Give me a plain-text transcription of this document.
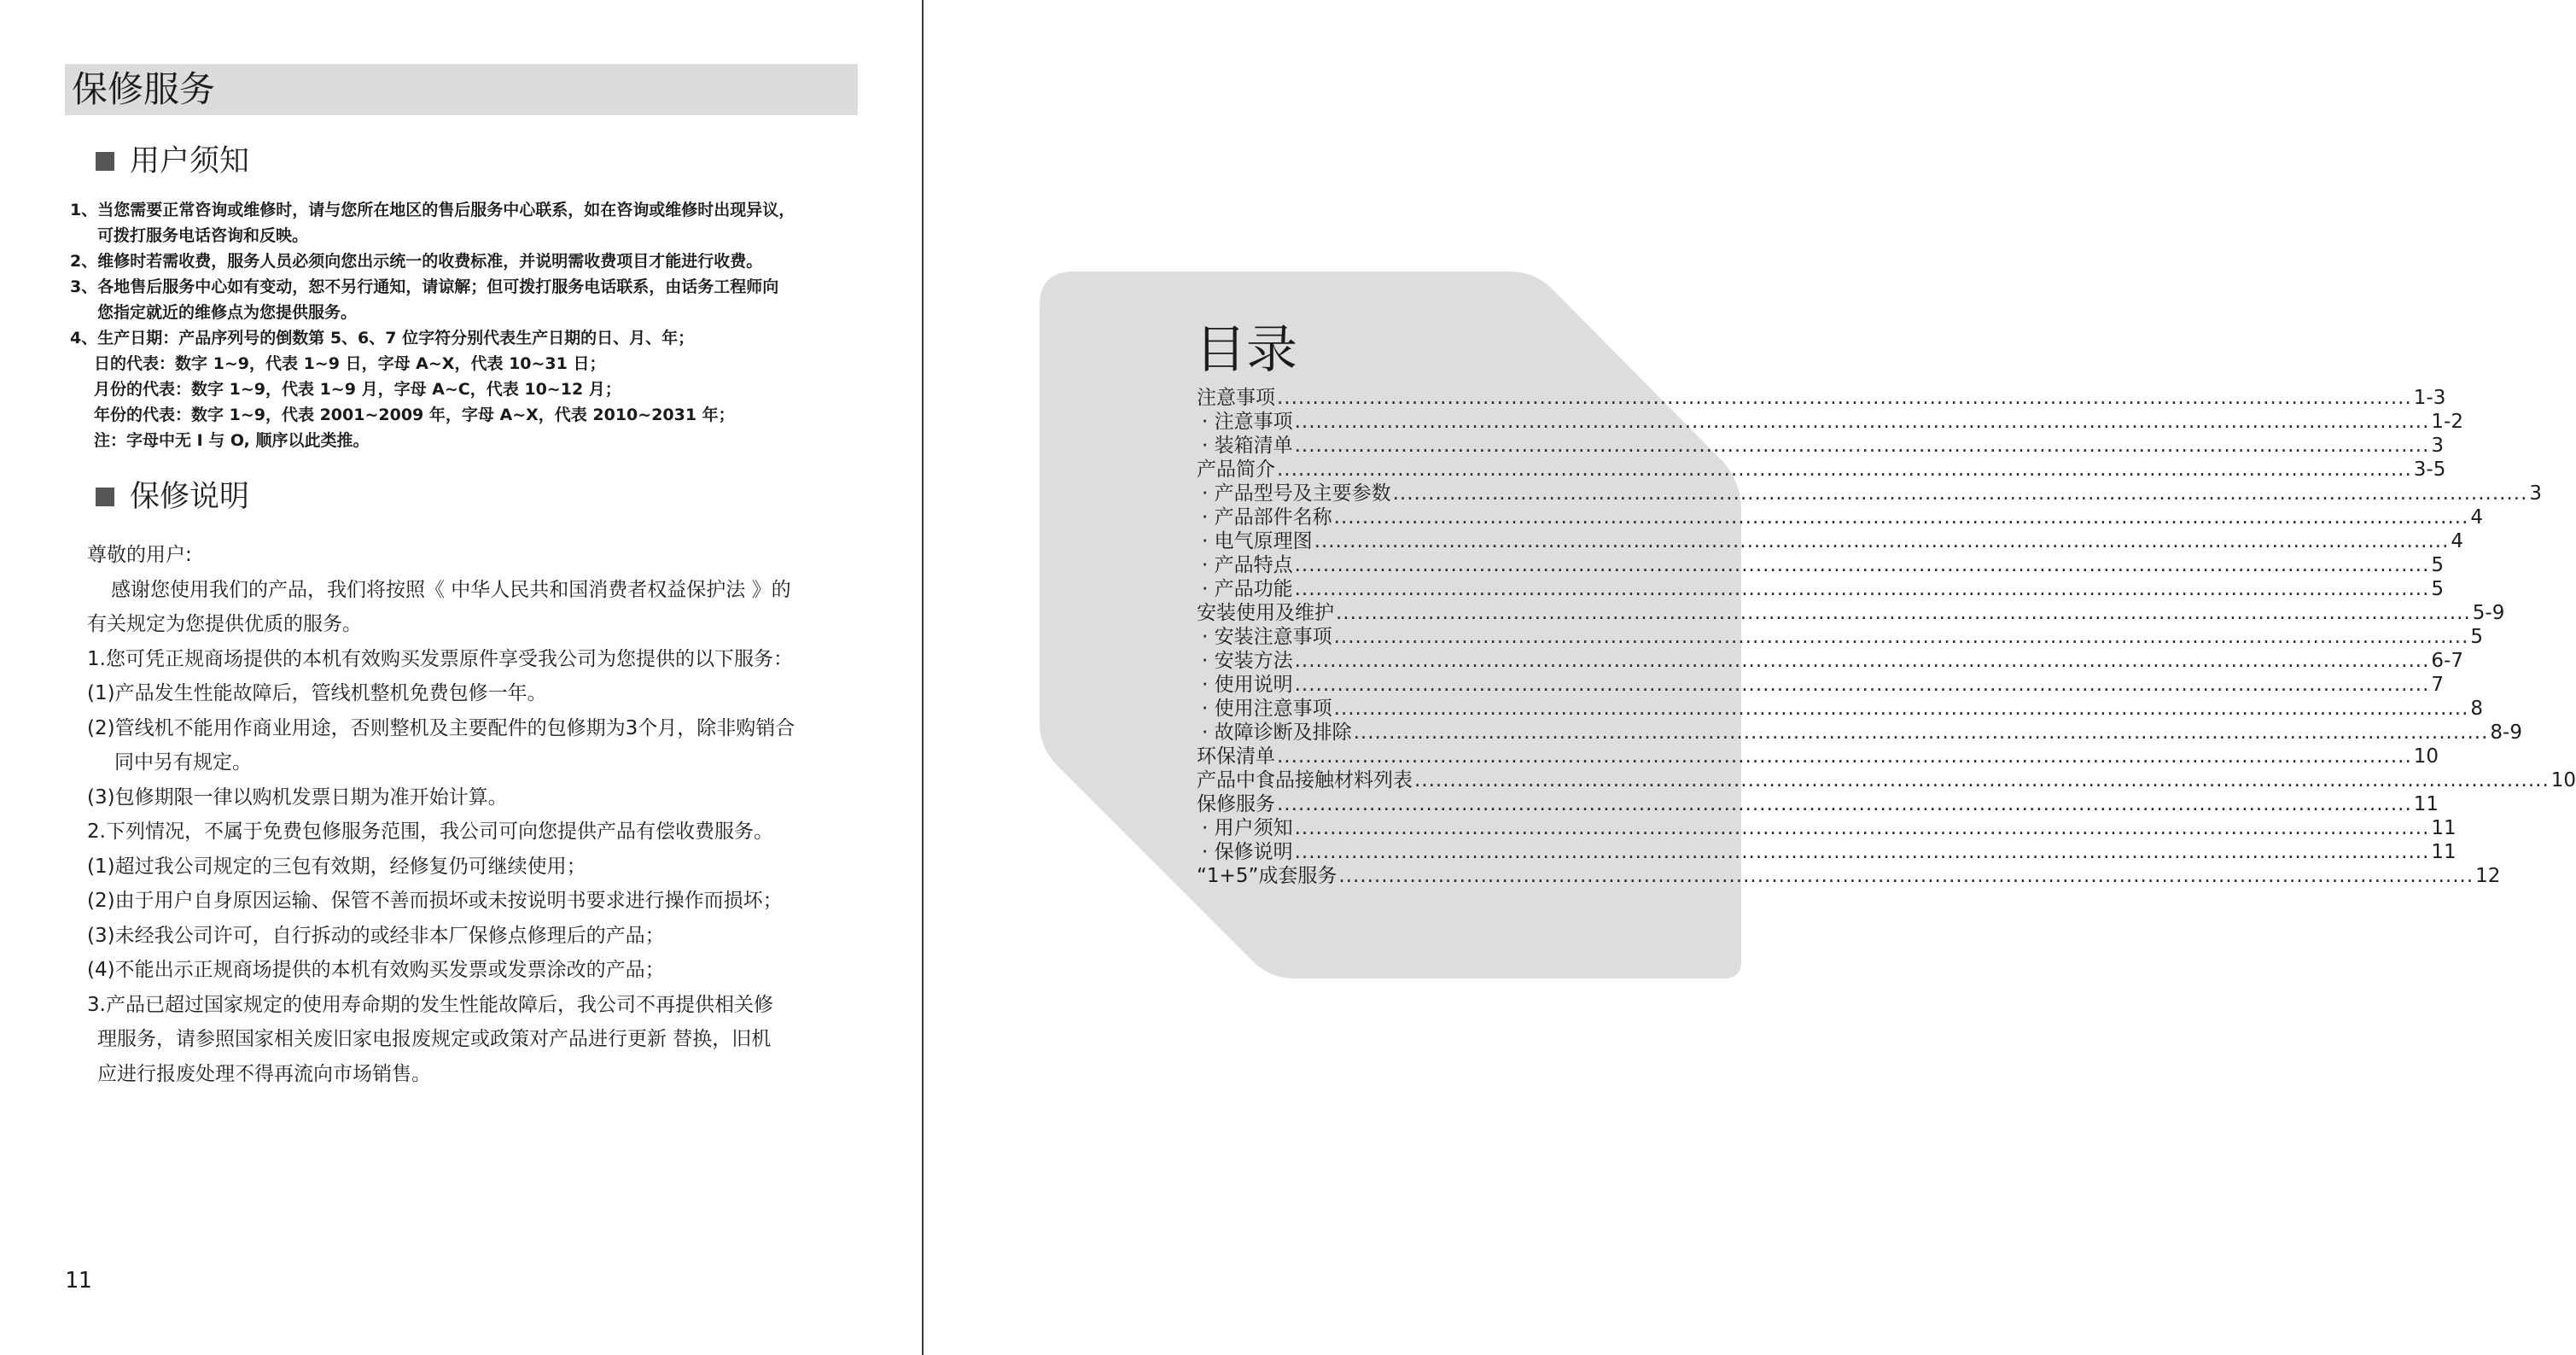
保修服务
用户须知
1、当您需要正常咨询或维修时，请与您所在地区的售后服务中心联系，如在咨询或维修时出现异议，
可拨打服务电话咨询和反映。
2、维修时若需收费，服务人员必须向您出示统一的收费标准，并说明需收费项目才能进行收费。
3、各地售后服务中心如有变动，恕不另行通知，请谅解；但可拨打服务电话联系，由话务工程师向
您指定就近的维修点为您提供服务。
4、生产日期：产品序列号的倒数第 5、6、7 位字符分别代表生产日期的日、月、年；
日的代表：数字 1~9，代表 1~9 日，字母 A~X，代表 10~31 日；
月份的代表：数字 1~9，代表 1~9 月，字母 A~C，代表 10~12 月；
年份的代表：数字 1~9，代表 2001~2009 年，字母 A~X，代表 2010~2031 年；
注：字母中无 I 与 O, 顺序以此类推。
保修说明
尊敬的用户:
感谢您使用我们的产品，我们将按照《 中华人民共和国消费者权益保护法 》的
有关规定为您提供优质的服务。
1.您可凭正规商场提供的本机有效购买发票原件享受我公司为您提供的以下服务：
(1)产品发生性能故障后，管线机整机免费包修一年。
(2)管线机不能用作商业用途，否则整机及主要配件的包修期为3个月，除非购销合
同中另有规定。
(3)包修期限一律以购机发票日期为准开始计算。
2.下列情况，不属于免费包修服务范围，我公司可向您提供产品有偿收费服务。
(1)超过我公司规定的三包有效期，经修复仍可继续使用；
(2)由于用户自身原因运输、保管不善而损坏或未按说明书要求进行操作而损坏；
(3)未经我公司许可，自行拆动的或经非本厂保修点修理后的产品；
(4)不能出示正规商场提供的本机有效购买发票或发票涂改的产品；
3.产品已超过国家规定的使用寿命期的发生性能故障后，我公司不再提供相关修
理服务，请参照国家相关废旧家电报废规定或政策对产品进行更新 替换，旧机
应进行报废处理不得再流向市场销售。
11
目录
注意事项 ................................................................................................................................................................ 1-3
· 注意事项 ................................................................................................................................................................ 1-2
· 装箱清单 ................................................................................................................................................................ 3
产品简介 ................................................................................................................................................................ 3-5
· 产品型号及主要参数 ................................................................................................................................................................ 3
· 产品部件名称 ................................................................................................................................................................ 4
· 电气原理图 ................................................................................................................................................................ 4
· 产品特点 ................................................................................................................................................................ 5
· 产品功能 ................................................................................................................................................................ 5
安装使用及维护 ................................................................................................................................................................ 5-9
· 安装注意事项 ................................................................................................................................................................ 5
· 安装方法 ................................................................................................................................................................ 6-7
· 使用说明 ................................................................................................................................................................ 7
· 使用注意事项 ................................................................................................................................................................ 8
· 故障诊断及排除 ................................................................................................................................................................ 8-9
环保清单 ................................................................................................................................................................ 10
产品中食品接触材料列表 ................................................................................................................................................................ 10
保修服务 ................................................................................................................................................................ 11
· 用户须知 ................................................................................................................................................................ 11
· 保修说明 ................................................................................................................................................................ 11
“1+5”成套服务 ................................................................................................................................................................ 12
